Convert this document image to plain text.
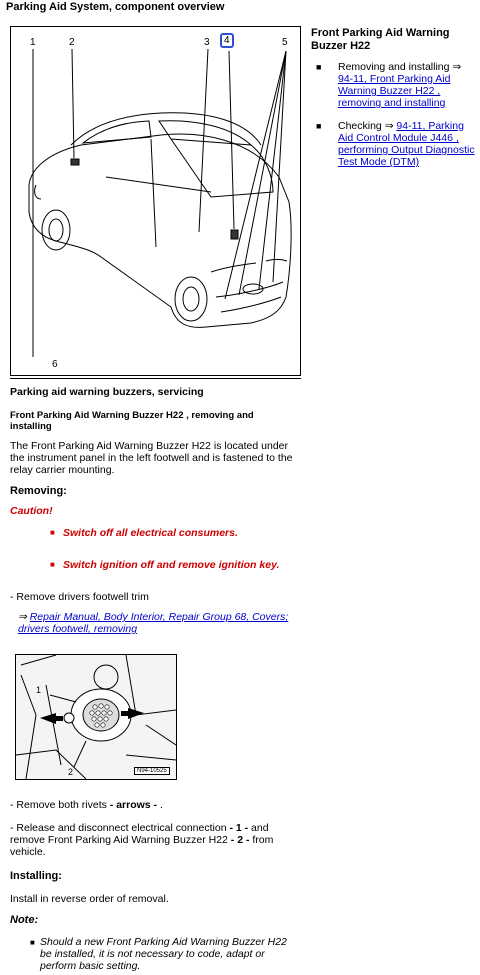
Parking Aid System, component overview
1	2	3	4	5
6
Front Parking Aid Warning Buzzer H22
■ Removing and installing ⇒ 94-11, Front Parking Aid Warning Buzzer H22 , removing and installing
■ Checking ⇒ 94-11, Parking Aid Control Module J446 , performing Output Diagnostic Test Mode (DTM)
Parking aid warning buzzers, servicing
Front Parking Aid Warning Buzzer H22 , removing and installing
The Front Parking Aid Warning Buzzer H22 is located under the instrument panel in the left footwell and is fastened to the relay carrier mounting.
Removing:
Caution!
■ Switch off all electrical consumers.
■ Switch ignition off and remove ignition key.
- Remove drivers footwell trim
⇒ Repair Manual, Body Interior, Repair Group 68, Covers; drivers footwell, removing
1
2	N94-10525
- Remove both rivets - arrows - .
- Release and disconnect electrical connection - 1 - and remove Front Parking Aid Warning Buzzer H22 - 2 - from vehicle.
Installing:
Install in reverse order of removal.
Note:
■ Should a new Front Parking Aid Warning Buzzer H22 be installed, it is not necessary to code, adapt or perform basic setting.
